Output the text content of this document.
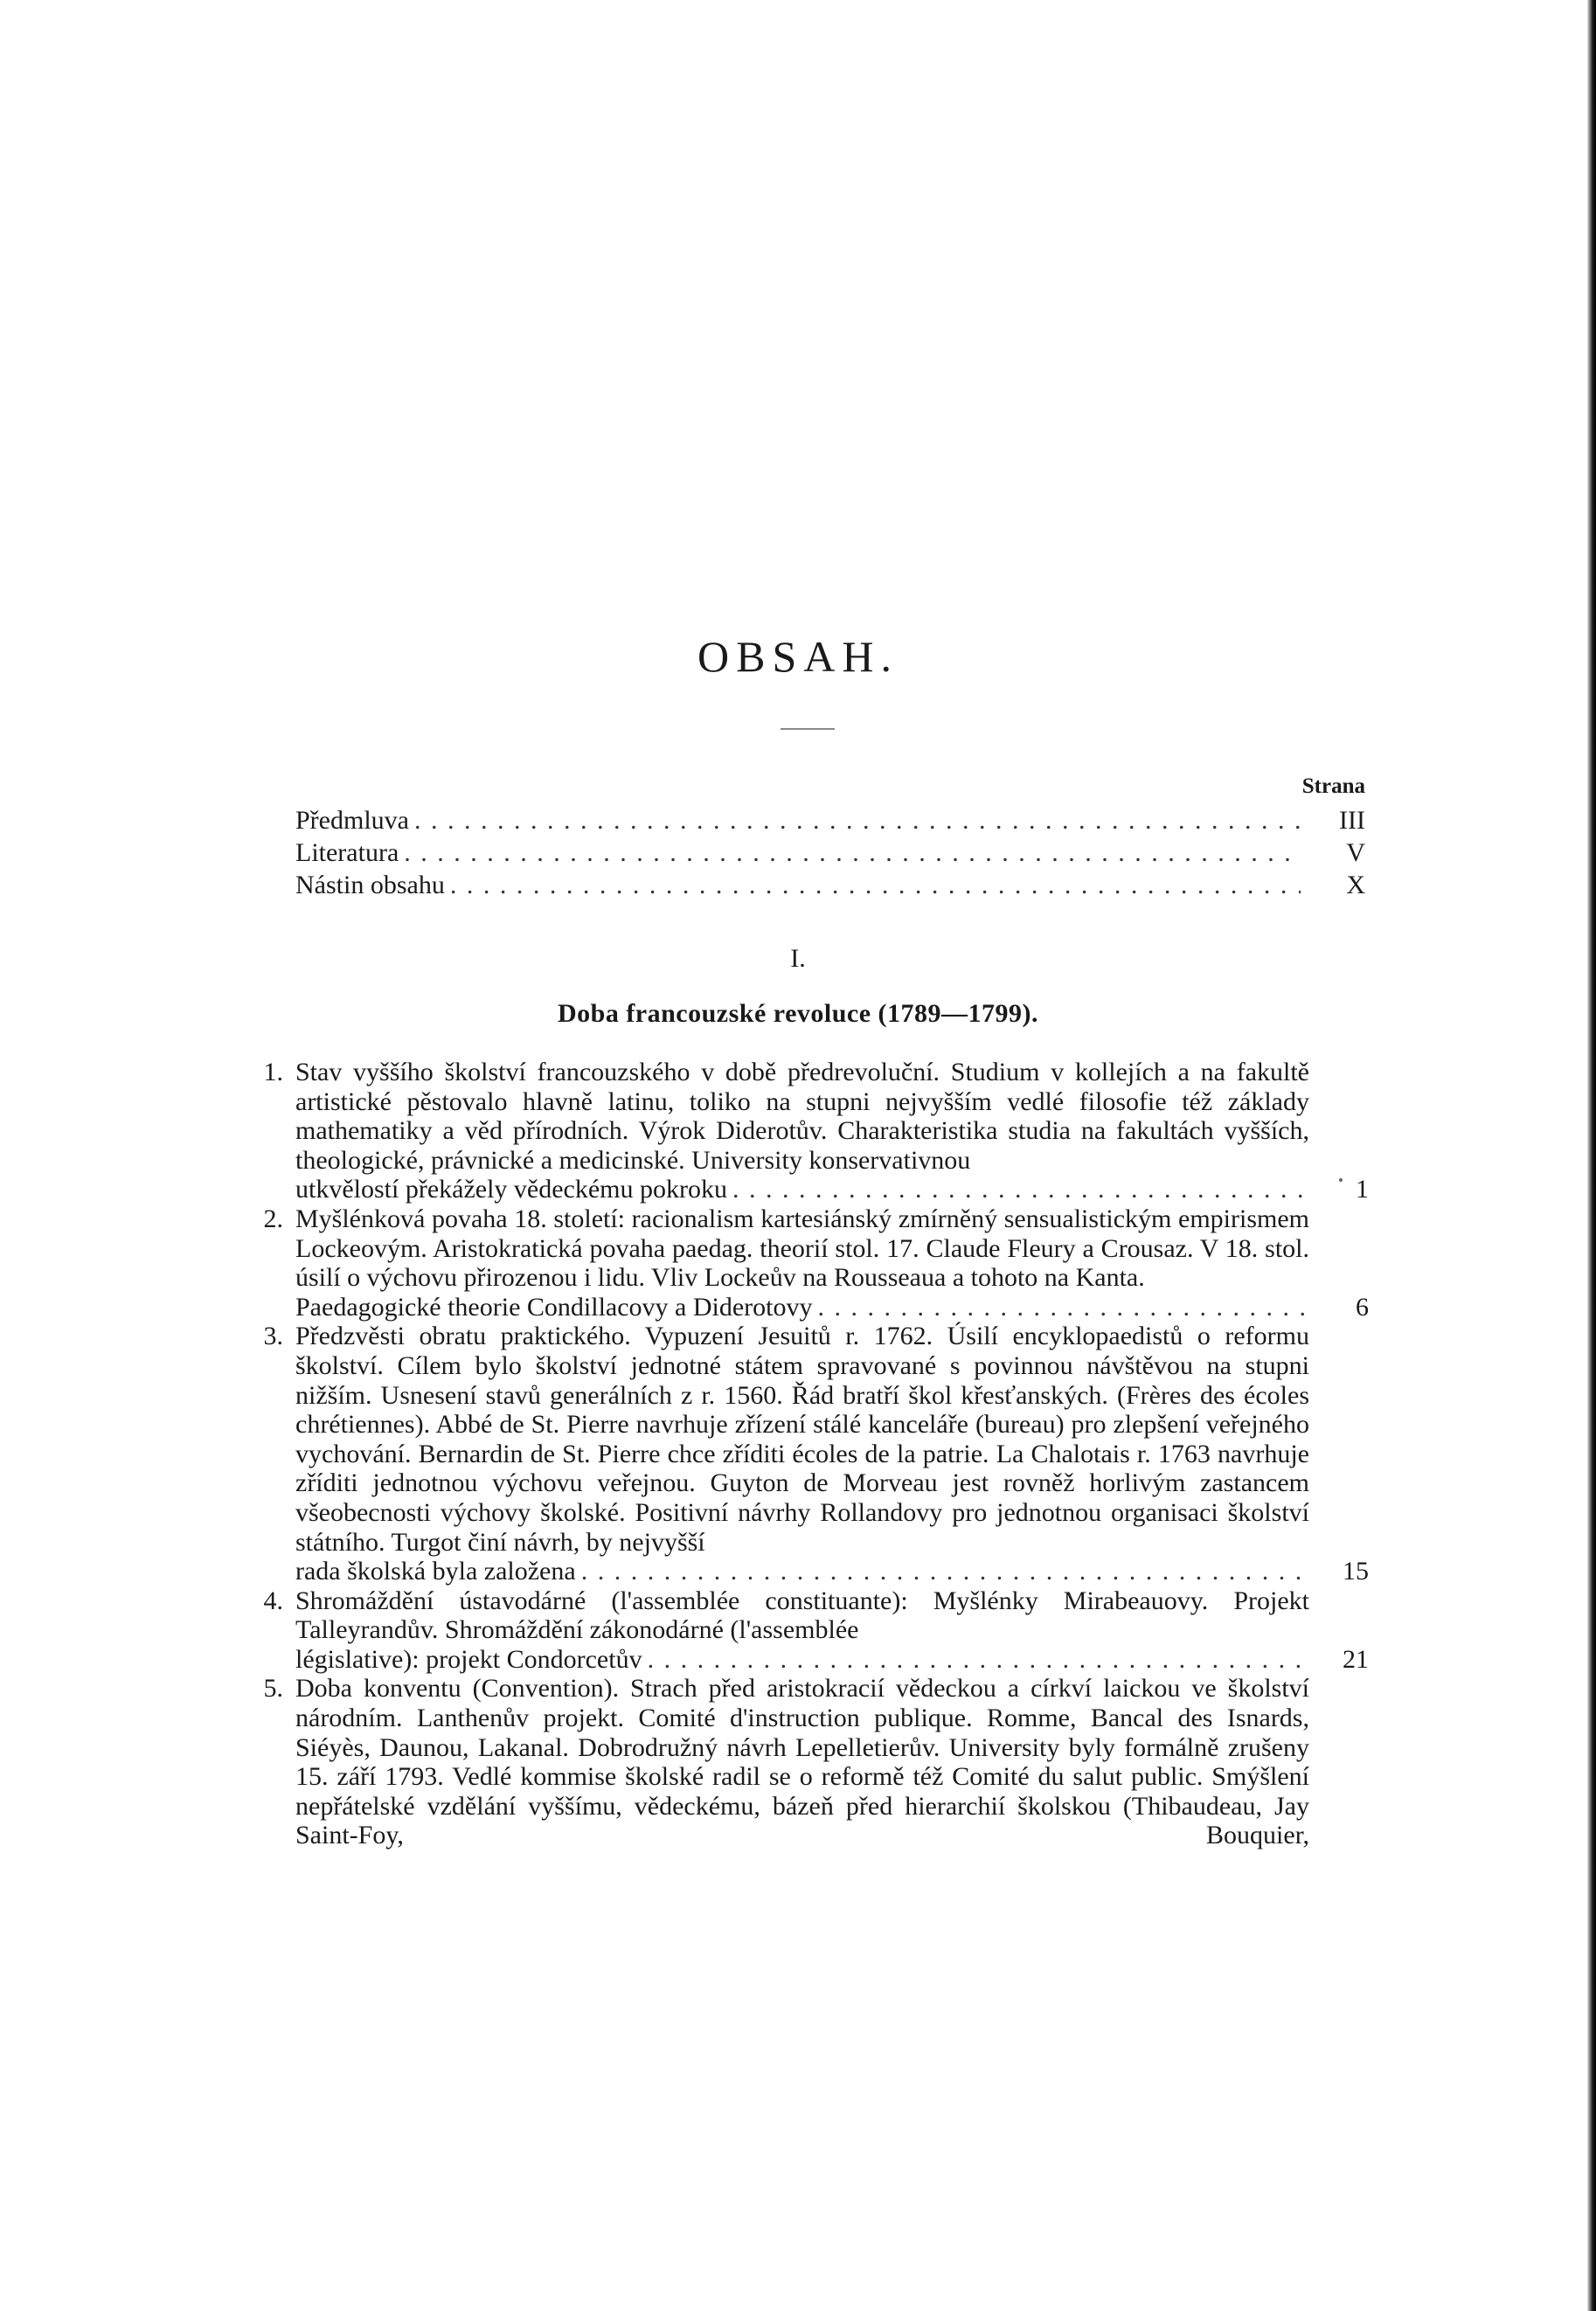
OBSAH.
Strana
Předmluva . . .	III
Literatura . . .	V
Nástin obsahu . . .	X
I.
Doba francouzské revoluce (1789—1799).
1. Stav vyššího školství francouzského v době předrevoluční. Studium v kollejích a na fakultě artistické pěstovalo hlavně latinu, toliko na stupni nejvyšším vedlé filosofie též základy mathematiky a věd přírodních. Výrok Diderotův. Charakteristika studia na fakultách vyšších, theologické, právnické a medicinské. University konservativnou
utkvělostí překážely vědeckému pokroku . . .	1
2. Myšlénková povaha 18. století: racionalism kartesiánský zmírněný sensualistickým empirismem Lockeovým. Aristokratická povaha paedag. theorií stol. 17. Claude Fleury a Crousaz. V 18. stol. úsilí o výchovu přirozenou i lidu. Vliv Lockeův na Rousseaua a tohoto na Kanta.
Paedagogické theorie Condillacovy a Diderotovy . . .	6
3. Předzvěsti obratu praktického. Vypuzení Jesuitů r. 1762. Úsilí encyklopaedistů o reformu školství. Cílem bylo školství jednotné státem spravované s povinnou návštěvou na stupni nižším. Usnesení stavů generálních z r. 1560. Řád bratří škol křesťanských. (Frères des écoles chrétiennes). Abbé de St. Pierre navrhuje zřízení stálé kanceláře (bureau) pro zlepšení veřejného vychování. Bernardin de St. Pierre chce zříditi écoles de la patrie. La Chalotais r. 1763 navrhuje zříditi jednotnou výchovu veřejnou. Guyton de Morveau jest rovněž horlivým zastancem všeobecnosti výchovy školské. Positivní návrhy Rollandovy pro jednotnou organisaci školství státního. Turgot činí návrh, by nejvyšší
rada školská byla založena . . .	15
4. Shromáždění ústavodárné (l'assemblée constituante): Myšlénky Mirabeauovy. Projekt Talleyrandův. Shromáždění zákonodárné (l'assemblée
législative): projekt Condorcetův . . .	21
5. Doba konventu (Convention). Strach před aristokracií vědeckou a církví laickou ve školství národním. Lanthenův projekt. Comité d'instruction publique. Romme, Bancal des Isnards, Siéyès, Daunou, Lakanal. Dobrodružný návrh Lepelletierův. University byly formálně zrušeny 15. září 1793. Vedlé kommise školské radil se o reformě též Comité du salut public. Smýšlení nepřátelské vzdělání vyššímu, vědeckému, bázeň před hierarchií školskou (Thibaudeau, Jay Saint-Foy, Bouquier,
